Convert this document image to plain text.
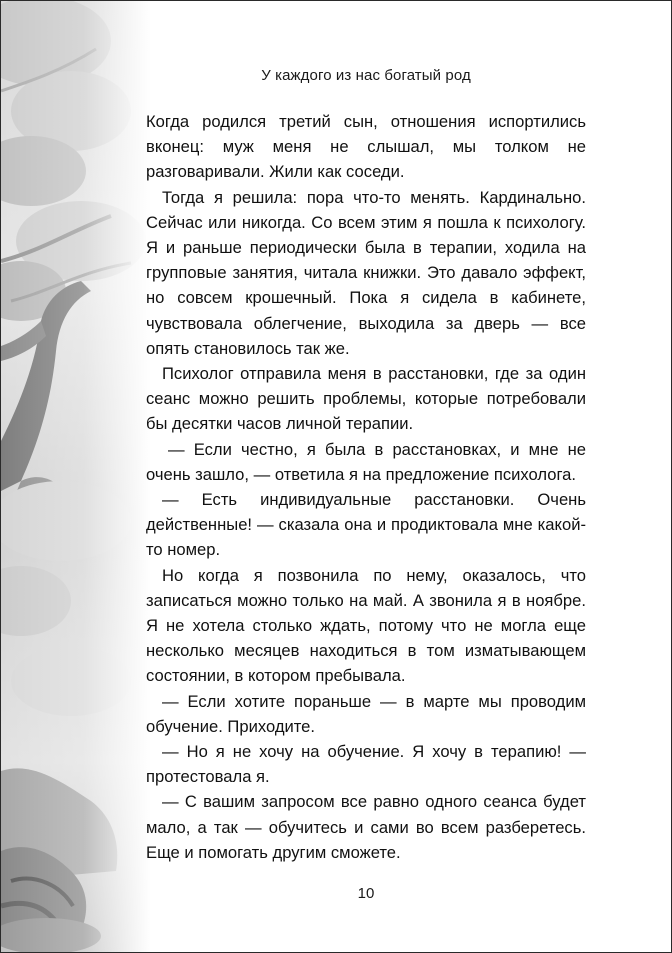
У каждого из нас богатый род

Когда родился третий сын, отношения испортились вконец: муж меня не слышал, мы толком не разговаривали. Жили как соседи.

Тогда я решила: пора что-то менять. Кардинально. Сейчас или никогда. Со всем этим я пошла к психологу. Я и раньше периодически была в терапии, ходила на групповые занятия, читала книжки. Это давало эффект, но совсем крошечный. Пока я сидела в кабинете, чувствовала облегчение, выходила за дверь — все опять становилось так же.

Психолог отправила меня в расстановки, где за один сеанс можно решить проблемы, которые потребовали бы десятки часов личной терапии.

— Если честно, я была в расстановках, и мне не очень зашло, — ответила я на предложение психолога.

— Есть индивидуальные расстановки. Очень действенные! — сказала она и продиктовала мне какой-то номер.

Но когда я позвонила по нему, оказалось, что записаться можно только на май. А звонила я в ноябре. Я не хотела столько ждать, потому что не могла еще несколько месяцев находиться в том изматывающем состоянии, в котором пребывала.

— Если хотите пораньше — в марте мы проводим обучение. Приходите.

— Но я не хочу на обучение. Я хочу в терапию! — протестовала я.

— С вашим запросом все равно одного сеанса будет мало, а так — обучитесь и сами во всем разберетесь. Еще и помогать другим сможете.

10
